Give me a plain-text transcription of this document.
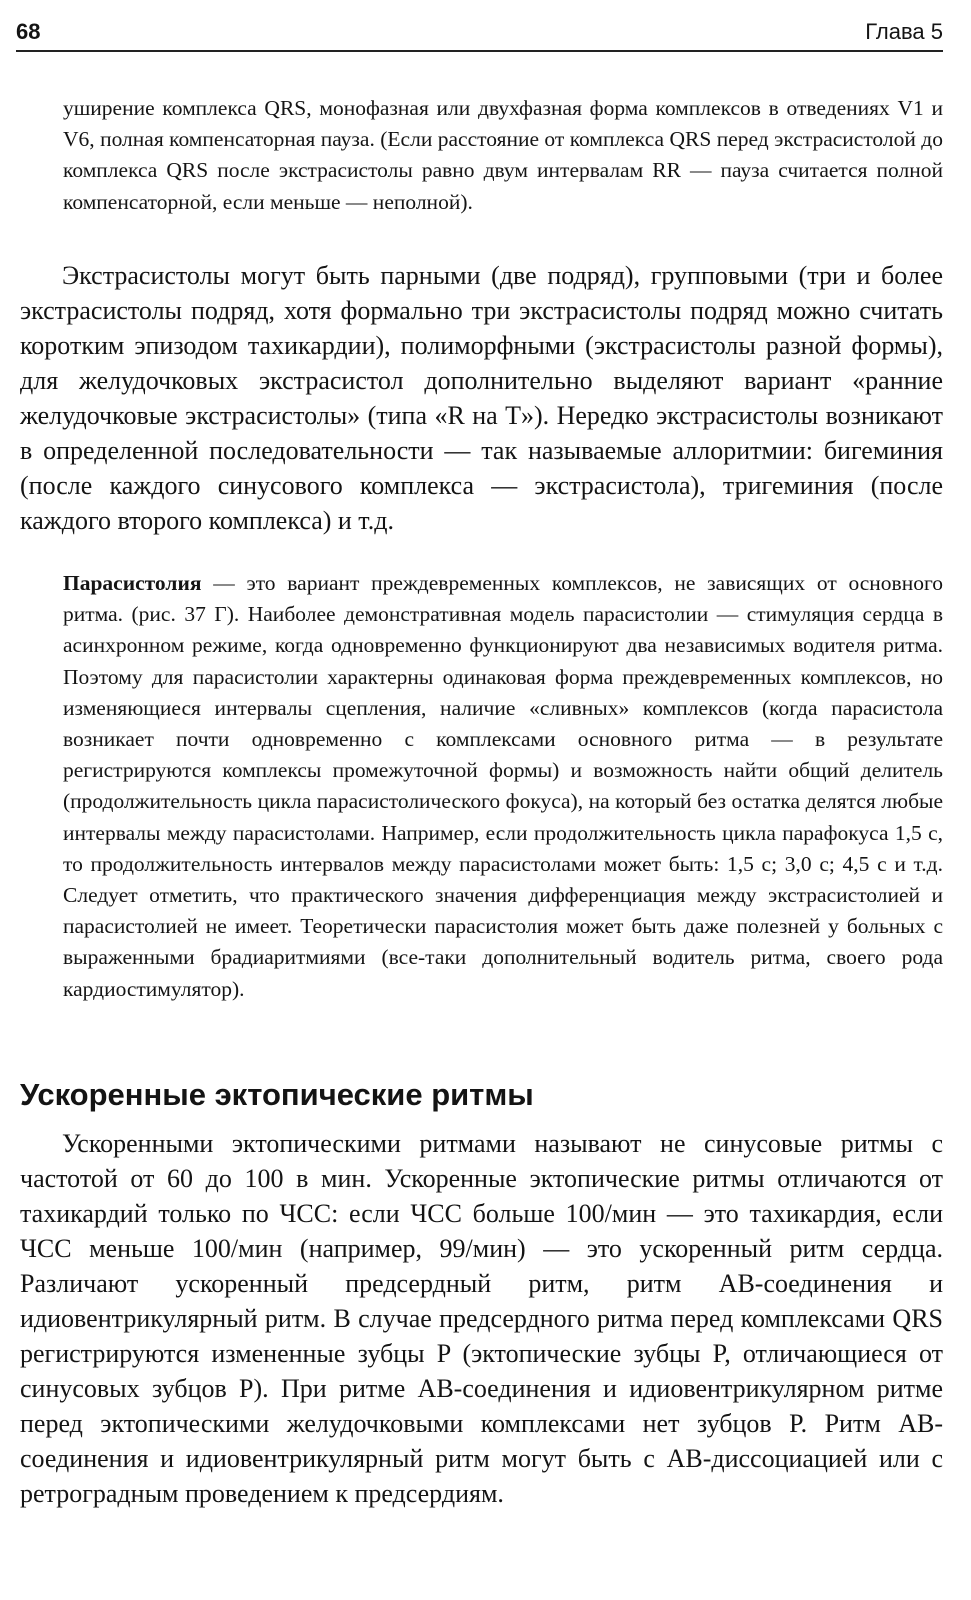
68	Глава 5

уширение комплекса QRS, монофазная или двухфазная форма комплексов в отведениях V1 и V6, полная компенсаторная пауза. (Если расстояние от комплекса QRS перед экстрасистолой до комплекса QRS после экстрасистолы равно двум интервалам RR — пауза считается полной компенсаторной, если меньше — неполной).

Экстрасистолы могут быть парными (две подряд), групповыми (три и более экстрасистолы подряд, хотя формально три экстрасистолы подряд можно считать коротким эпизодом тахикардии), полиморфными (экстрасистолы разной формы), для желудочковых экстрасистол дополнительно выделяют вариант «ранние желудочковые экстрасистолы» (типа «R на T»). Нередко экстрасистолы возникают в определенной последовательности — так называемые аллоритмии: бигеминия (после каждого синусового комплекса — экстрасистола), тригеминия (после каждого второго комплекса) и т.д.

Парасистолия — это вариант преждевременных комплексов, не зависящих от основного ритма. (рис. 37 Г). Наиболее демонстративная модель парасистолии — стимуляция сердца в асинхронном режиме, когда одновременно функционируют два независимых водителя ритма. Поэтому для парасистолии характерны одинаковая форма преждевременных комплексов, но изменяющиеся интервалы сцепления, наличие «сливных» комплексов (когда парасистола возникает почти одновременно с комплексами основного ритма — в результате регистрируются комплексы промежуточной формы) и возможность найти общий делитель (продолжительность цикла парасистолического фокуса), на который без остатка делятся любые интервалы между парасистолами. Например, если продолжительность цикла парафокуса 1,5 с, то продолжительность интервалов между парасистолами может быть: 1,5 с; 3,0 с; 4,5 с и т.д. Следует отметить, что практического значения дифференциация между экстрасистолией и парасистолией не имеет. Теоретически парасистолия может быть даже полезней у больных с выраженными брадиаритмиями (все-таки дополнительный водитель ритма, своего рода кардиостимулятор).

Ускоренные эктопические ритмы

Ускоренными эктопическими ритмами называют не синусовые ритмы с частотой от 60 до 100 в мин. Ускоренные эктопические ритмы отличаются от тахикардий только по ЧСС: если ЧСС больше 100/мин — это тахикардия, если ЧСС меньше 100/мин (например, 99/мин) — это ускоренный ритм сердца. Различают ускоренный предсердный ритм, ритм АВ-соединения и идиовентрикулярный ритм. В случае предсердного ритма перед комплексами QRS регистрируются измененные зубцы P (эктопические зубцы P, отличающиеся от синусовых зубцов P). При ритме АВ-соединения и идиовентрикулярном ритме перед эктопическими желудочковыми комплексами нет зубцов P. Ритм АВ-соединения и идиовентрикулярный ритм могут быть с АВ-диссоциацией или с ретроградным проведением к предсердиям.
